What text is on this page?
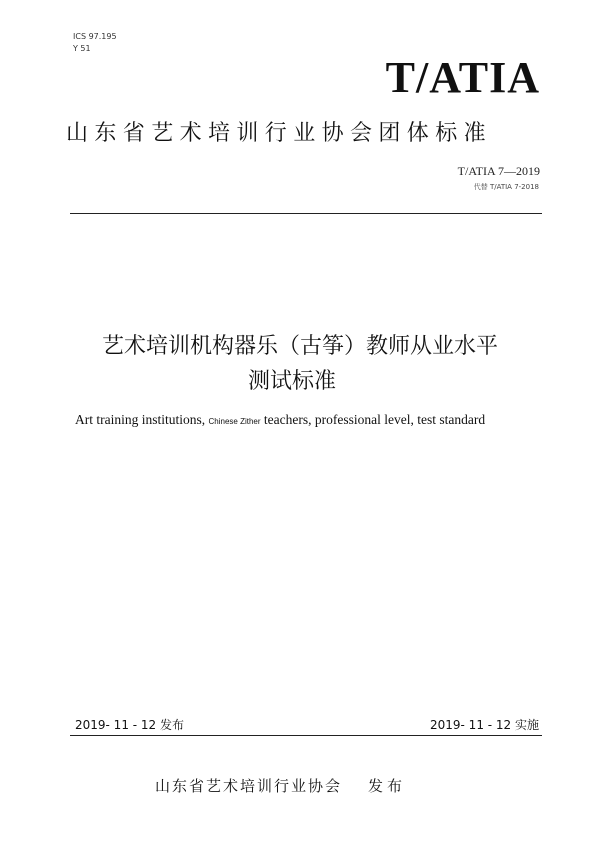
ICS 97.195
Y 51
T/ATIA
山东省艺术培训行业协会团体标准
T/ATIA 7—2019
代替 T/ATIA 7-2018
艺术培训机构器乐（古筝）教师从业水平
测试标准
Art training institutions, Chinese Zither teachers, professional level, test standard
2019- 11 - 12 发布	2019- 11 - 12 实施
山东省艺术培训行业协会 发布
